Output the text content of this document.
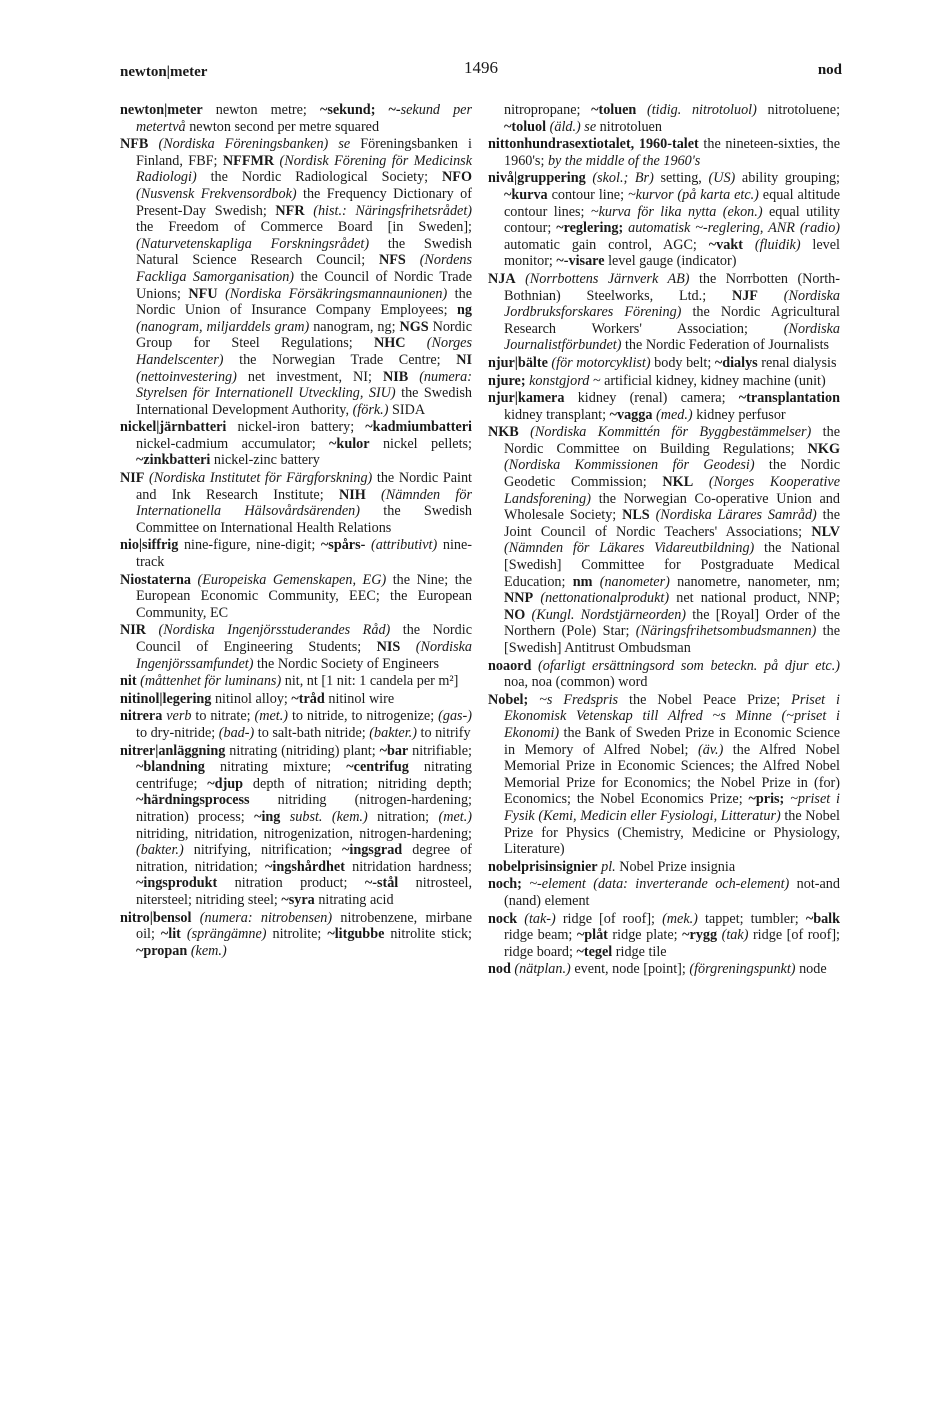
newton|meter	1496	nod

newton|meter newton metre; ~sekund; ~-sekund per metertvå newton second per metre squared

NFB (Nordiska Föreningsbanken) se Föreningsbanken i Finland, FBF; NFFMR (Nordisk Förening för Medicinsk Radiologi) the Nordic Radiological Society; NFO (Nusvensk Frekvensordbok) the Frequency Dictionary of Present-Day Swedish; NFR (hist.: Näringsfrihetsrådet) the Freedom of Commerce Board [in Sweden]; (Naturvetenskapliga Forskningsrådet) the Swedish Natural Science Research Council; NFS (Nordens Fackliga Samorganisation) the Council of Nordic Trade Unions; NFU (Nordiska Försäkringsmannaunionen) the Nordic Union of Insurance Company Employees; ng (nanogram, miljarddels gram) nanogram, ng; NGS Nordic Group for Steel Regulations; NHC (Norges Handelscenter) the Norwegian Trade Centre; NI (nettoinvestering) net investment, NI; NIB (numera: Styrelsen för Internationell Utveckling, SIU) the Swedish International Development Authority, (förk.) SIDA

nickel|järnbatteri nickel-iron battery; ~kadmiumbatteri nickel-cadmium accumulator; ~kulor nickel pellets; ~zinkbatteri nickel-zinc battery

NIF (Nordiska Institutet för Färgforskning) the Nordic Paint and Ink Research Institute; NIH (Nämnden för Internationella Hälsovårdsärenden) the Swedish Committee on International Health Relations

nio|siffrig nine-figure, nine-digit; ~spårs- (attributivt) nine-track

Niostaterna (Europeiska Gemenskapen, EG) the Nine; the European Economic Community, EEC; the European Community, EC

NIR (Nordiska Ingenjörsstuderandes Råd) the Nordic Council of Engineering Students; NIS (Nordiska Ingenjörssamfundet) the Nordic Society of Engineers

nit (måttenhet för luminans) nit, nt [1 nit: 1 candela per m²]

nitinol|legering nitinol alloy; ~tråd nitinol wire

nitrera verb to nitrate; (met.) to nitride, to nitrogenize; (gas-) to dry-nitride; (bad-) to salt-bath nitride; (bakter.) to nitrify

nitrer|anläggning nitrating (nitriding) plant; ~bar nitrifiable; ~blandning nitrating mixture; ~centrifug nitrating centrifuge; ~djup depth of nitration; nitriding depth; ~härdningsprocess nitriding (nitrogen-hardening; nitration) process; ~ing subst. (kem.) nitration; (met.) nitriding, nitridation, nitrogenization, nitrogen-hardening; (bakter.) nitrifying, nitrification; ~ingsgrad degree of nitration, nitridation; ~ingshårdhet nitridation hardness; ~ingsprodukt nitration product; ~-stål nitrosteel, nitersteel; nitriding steel; ~syra nitrating acid

nitro|bensol (numera: nitrobensen) nitrobenzene, mirbane oil; ~lit (sprängämne) nitrolite; ~litgubbe nitrolite stick; ~propan (kem.)

nitropropane; ~toluen (tidig. nitrotoluol) nitrotoluene; ~toluol (äld.) se nitrotoluen

nittonhundrasextiotalet, 1960-talet the nineteen-sixties, the 1960's; by the middle of the 1960's

nivå|gruppering (skol.; Br) setting, (US) ability grouping; ~kurva contour line; ~kurvor (på karta etc.) equal altitude contour lines; ~kurva för lika nytta (ekon.) equal utility contour; ~reglering; automatisk ~-reglering, ANR (radio) automatic gain control, AGC; ~vakt (fluidik) level monitor; ~-visare level gauge (indicator)

NJA (Norrbottens Järnverk AB) the Norrbotten (North-Bothnian) Steelworks, Ltd.; NJF (Nordiska Jordbruksforskares Förening) the Nordic Agricultural Research Workers' Association; (Nordiska Journalistförbundet) the Nordic Federation of Journalists

njur|bälte (för motorcyklist) body belt; ~dialys renal dialysis

njure; konstgjord ~ artificial kidney, kidney machine (unit)

njur|kamera kidney (renal) camera; ~transplantation kidney transplant; ~vagga (med.) kidney perfusor

NKB (Nordiska Kommittén för Byggbestämmelser) the Nordic Committee on Building Regulations; NKG (Nordiska Kommissionen för Geodesi) the Nordic Geodetic Commission; NKL (Norges Kooperative Landsforening) the Norwegian Co-operative Union and Wholesale Society; NLS (Nordiska Lärares Samråd) the Joint Council of Nordic Teachers' Associations; NLV (Nämnden för Läkares Vidareutbildning) the National [Swedish] Committee for Postgraduate Medical Education; nm (nanometer) nanometre, nanometer, nm; NNP (nettonationalprodukt) net national product, NNP; NO (Kungl. Nordstjärneorden) the [Royal] Order of the Northern (Pole) Star; (Näringsfrihetsombudsmannen) the [Swedish] Antitrust Ombudsman

noaord (ofarligt ersättningsord som beteckn. på djur etc.) noa, noa (common) word

Nobel; ~s Fredspris the Nobel Peace Prize; Priset i Ekonomisk Vetenskap till Alfred ~s Minne (~priset i Ekonomi) the Bank of Sweden Prize in Economic Science in Memory of Alfred Nobel; (äv.) the Alfred Nobel Memorial Prize in Economic Sciences; the Alfred Nobel Memorial Prize for Economics; the Nobel Prize in (for) Economics; the Nobel Economics Prize; ~pris; ~priset i Fysik (Kemi, Medicin eller Fysiologi, Litteratur) the Nobel Prize for Physics (Chemistry, Medicine or Physiology, Literature)

nobelprisinsignier pl. Nobel Prize insignia

noch; ~-element (data: inverterande och-element) not-and (nand) element

nock (tak-) ridge [of roof]; (mek.) tappet; tumbler; ~balk ridge beam; ~plåt ridge plate; ~rygg (tak) ridge [of roof]; ridge board; ~tegel ridge tile

nod (nätplan.) event, node [point]; (förgreningspunkt) node
